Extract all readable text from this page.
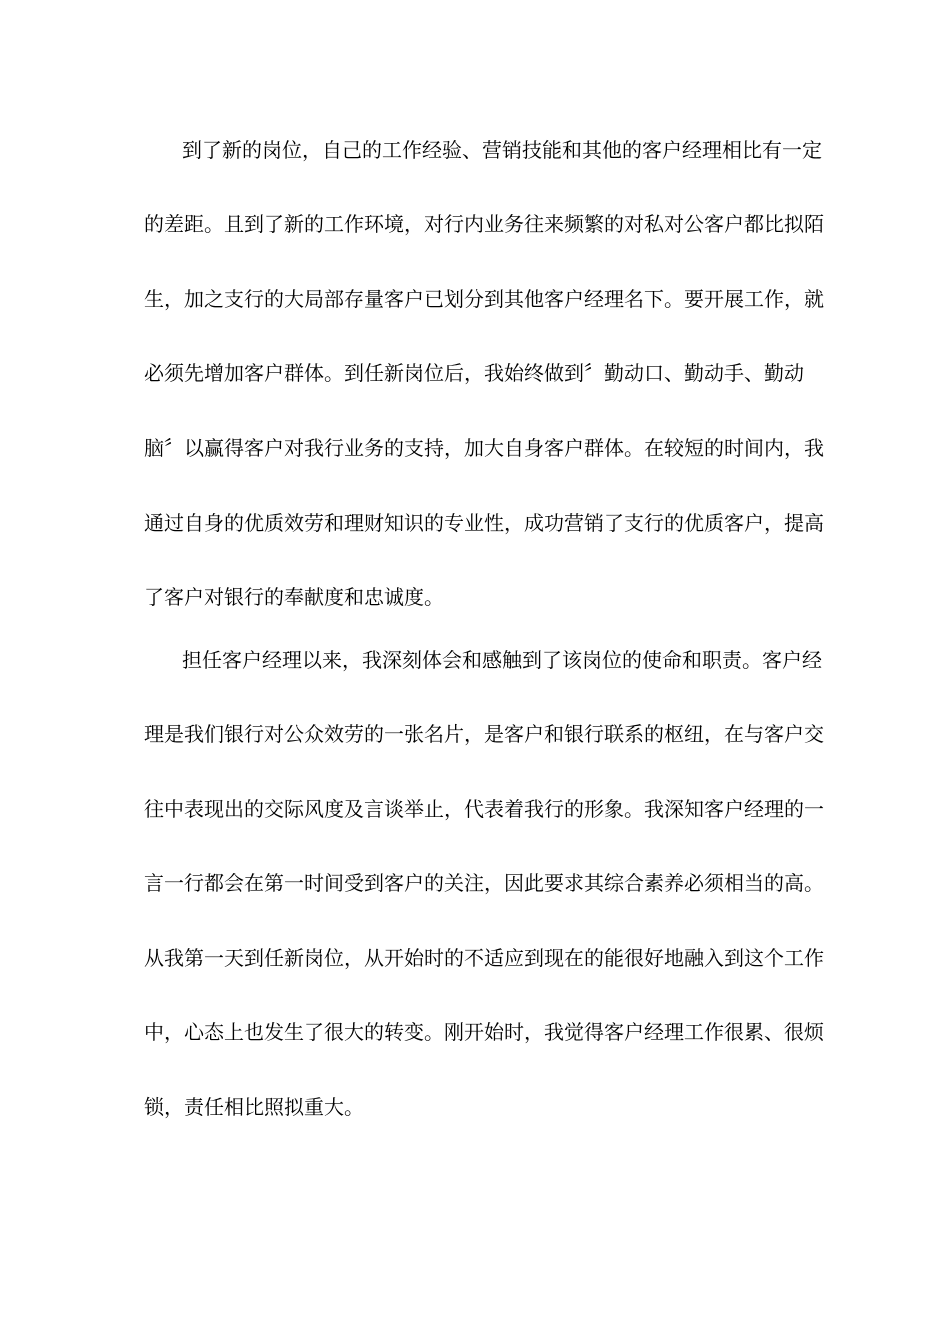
到了新的岗位，自己的工作经验、营销技能和其他的客户经理相比有一定
的差距。且到了新的工作环境，对行内业务往来频繁的对私对公客户都比拟陌
生，加之支行的大局部存量客户已划分到其他客户经理名下。要开展工作，就
必须先增加客户群体。到任新岗位后，我始终做到〞勤动口、勤动手、勤动
脑〞以赢得客户对我行业务的支持，加大自身客户群体。在较短的时间内，我
通过自身的优质效劳和理财知识的专业性，成功营销了支行的优质客户，提高
了客户对银行的奉献度和忠诚度。
担任客户经理以来，我深刻体会和感触到了该岗位的使命和职责。客户经
理是我们银行对公众效劳的一张名片，是客户和银行联系的枢纽，在与客户交
往中表现出的交际风度及言谈举止，代表着我行的形象。我深知客户经理的一
言一行都会在第一时间受到客户的关注，因此要求其综合素养必须相当的高。
从我第一天到任新岗位，从开始时的不适应到现在的能很好地融入到这个工作
中，心态上也发生了很大的转变。刚开始时，我觉得客户经理工作很累、很烦
锁，责任相比照拟重大。
